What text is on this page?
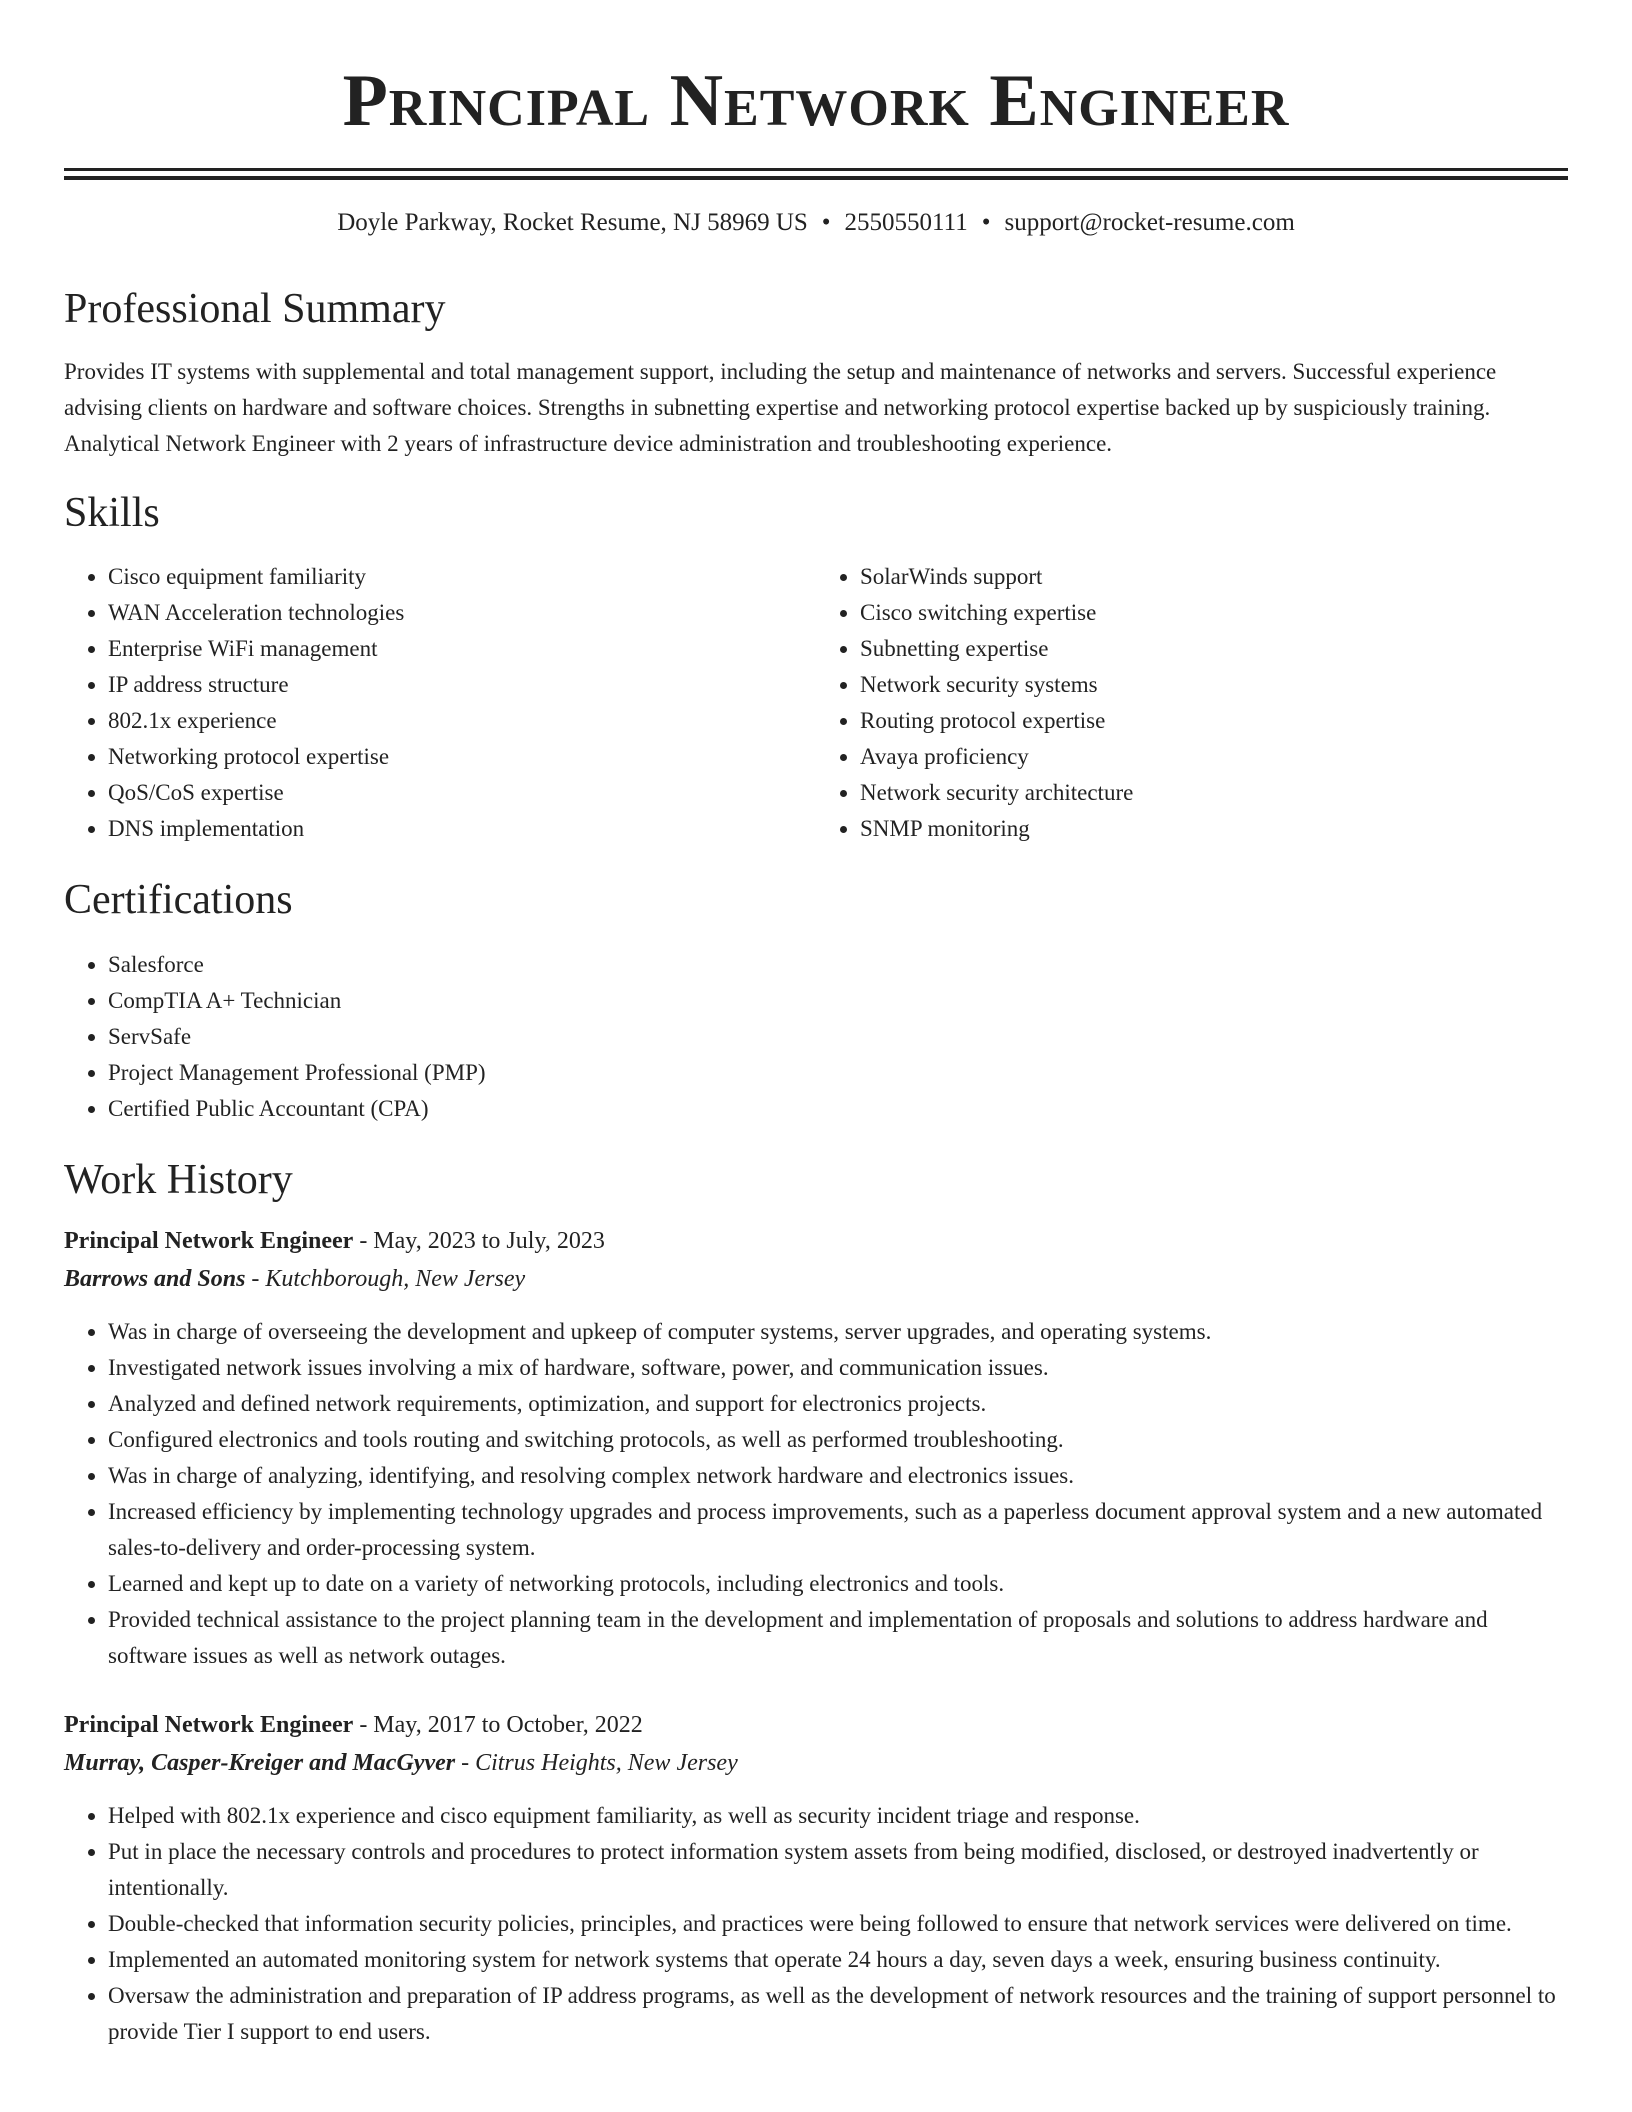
Principal Network Engineer
Doyle Parkway, Rocket Resume, NJ 58969 US • 2550550111 • support@rocket-resume.com
Professional Summary

Provides IT systems with supplemental and total management support, including the setup and maintenance of networks and servers. Successful experience advising clients on hardware and software choices. Strengths in subnetting expertise and networking protocol expertise backed up by suspiciously training. Analytical Network Engineer with 2 years of infrastructure device administration and troubleshooting experience.

Skills
• Cisco equipment familiarity
• WAN Acceleration technologies
• Enterprise WiFi management
• IP address structure
• 802.1x experience
• Networking protocol expertise
• QoS/CoS expertise
• DNS implementation
• SolarWinds support
• Cisco switching expertise
• Subnetting expertise
• Network security systems
• Routing protocol expertise
• Avaya proficiency
• Network security architecture
• SNMP monitoring
Certifications
• Salesforce
• CompTIA A+ Technician
• ServSafe
• Project Management Professional (PMP)
• Certified Public Accountant (CPA)
Work History
Principal Network Engineer - May, 2023 to July, 2023
Barrows and Sons - Kutchborough, New Jersey
• Was in charge of overseeing the development and upkeep of computer systems, server upgrades, and operating systems.
• Investigated network issues involving a mix of hardware, software, power, and communication issues.
• Analyzed and defined network requirements, optimization, and support for electronics projects.
• Configured electronics and tools routing and switching protocols, as well as performed troubleshooting.
• Was in charge of analyzing, identifying, and resolving complex network hardware and electronics issues.
• Increased efficiency by implementing technology upgrades and process improvements, such as a paperless document approval system and a new automated sales-to-delivery and order-processing system.
• Learned and kept up to date on a variety of networking protocols, including electronics and tools.
• Provided technical assistance to the project planning team in the development and implementation of proposals and solutions to address hardware and software issues as well as network outages.
Principal Network Engineer - May, 2017 to October, 2022
Murray, Casper-Kreiger and MacGyver - Citrus Heights, New Jersey
• Helped with 802.1x experience and cisco equipment familiarity, as well as security incident triage and response.
• Put in place the necessary controls and procedures to protect information system assets from being modified, disclosed, or destroyed inadvertently or intentionally.
• Double-checked that information security policies, principles, and practices were being followed to ensure that network services were delivered on time.
• Implemented an automated monitoring system for network systems that operate 24 hours a day, seven days a week, ensuring business continuity.
• Oversaw the administration and preparation of IP address programs, as well as the development of network resources and the training of support personnel to provide Tier I support to end users.
